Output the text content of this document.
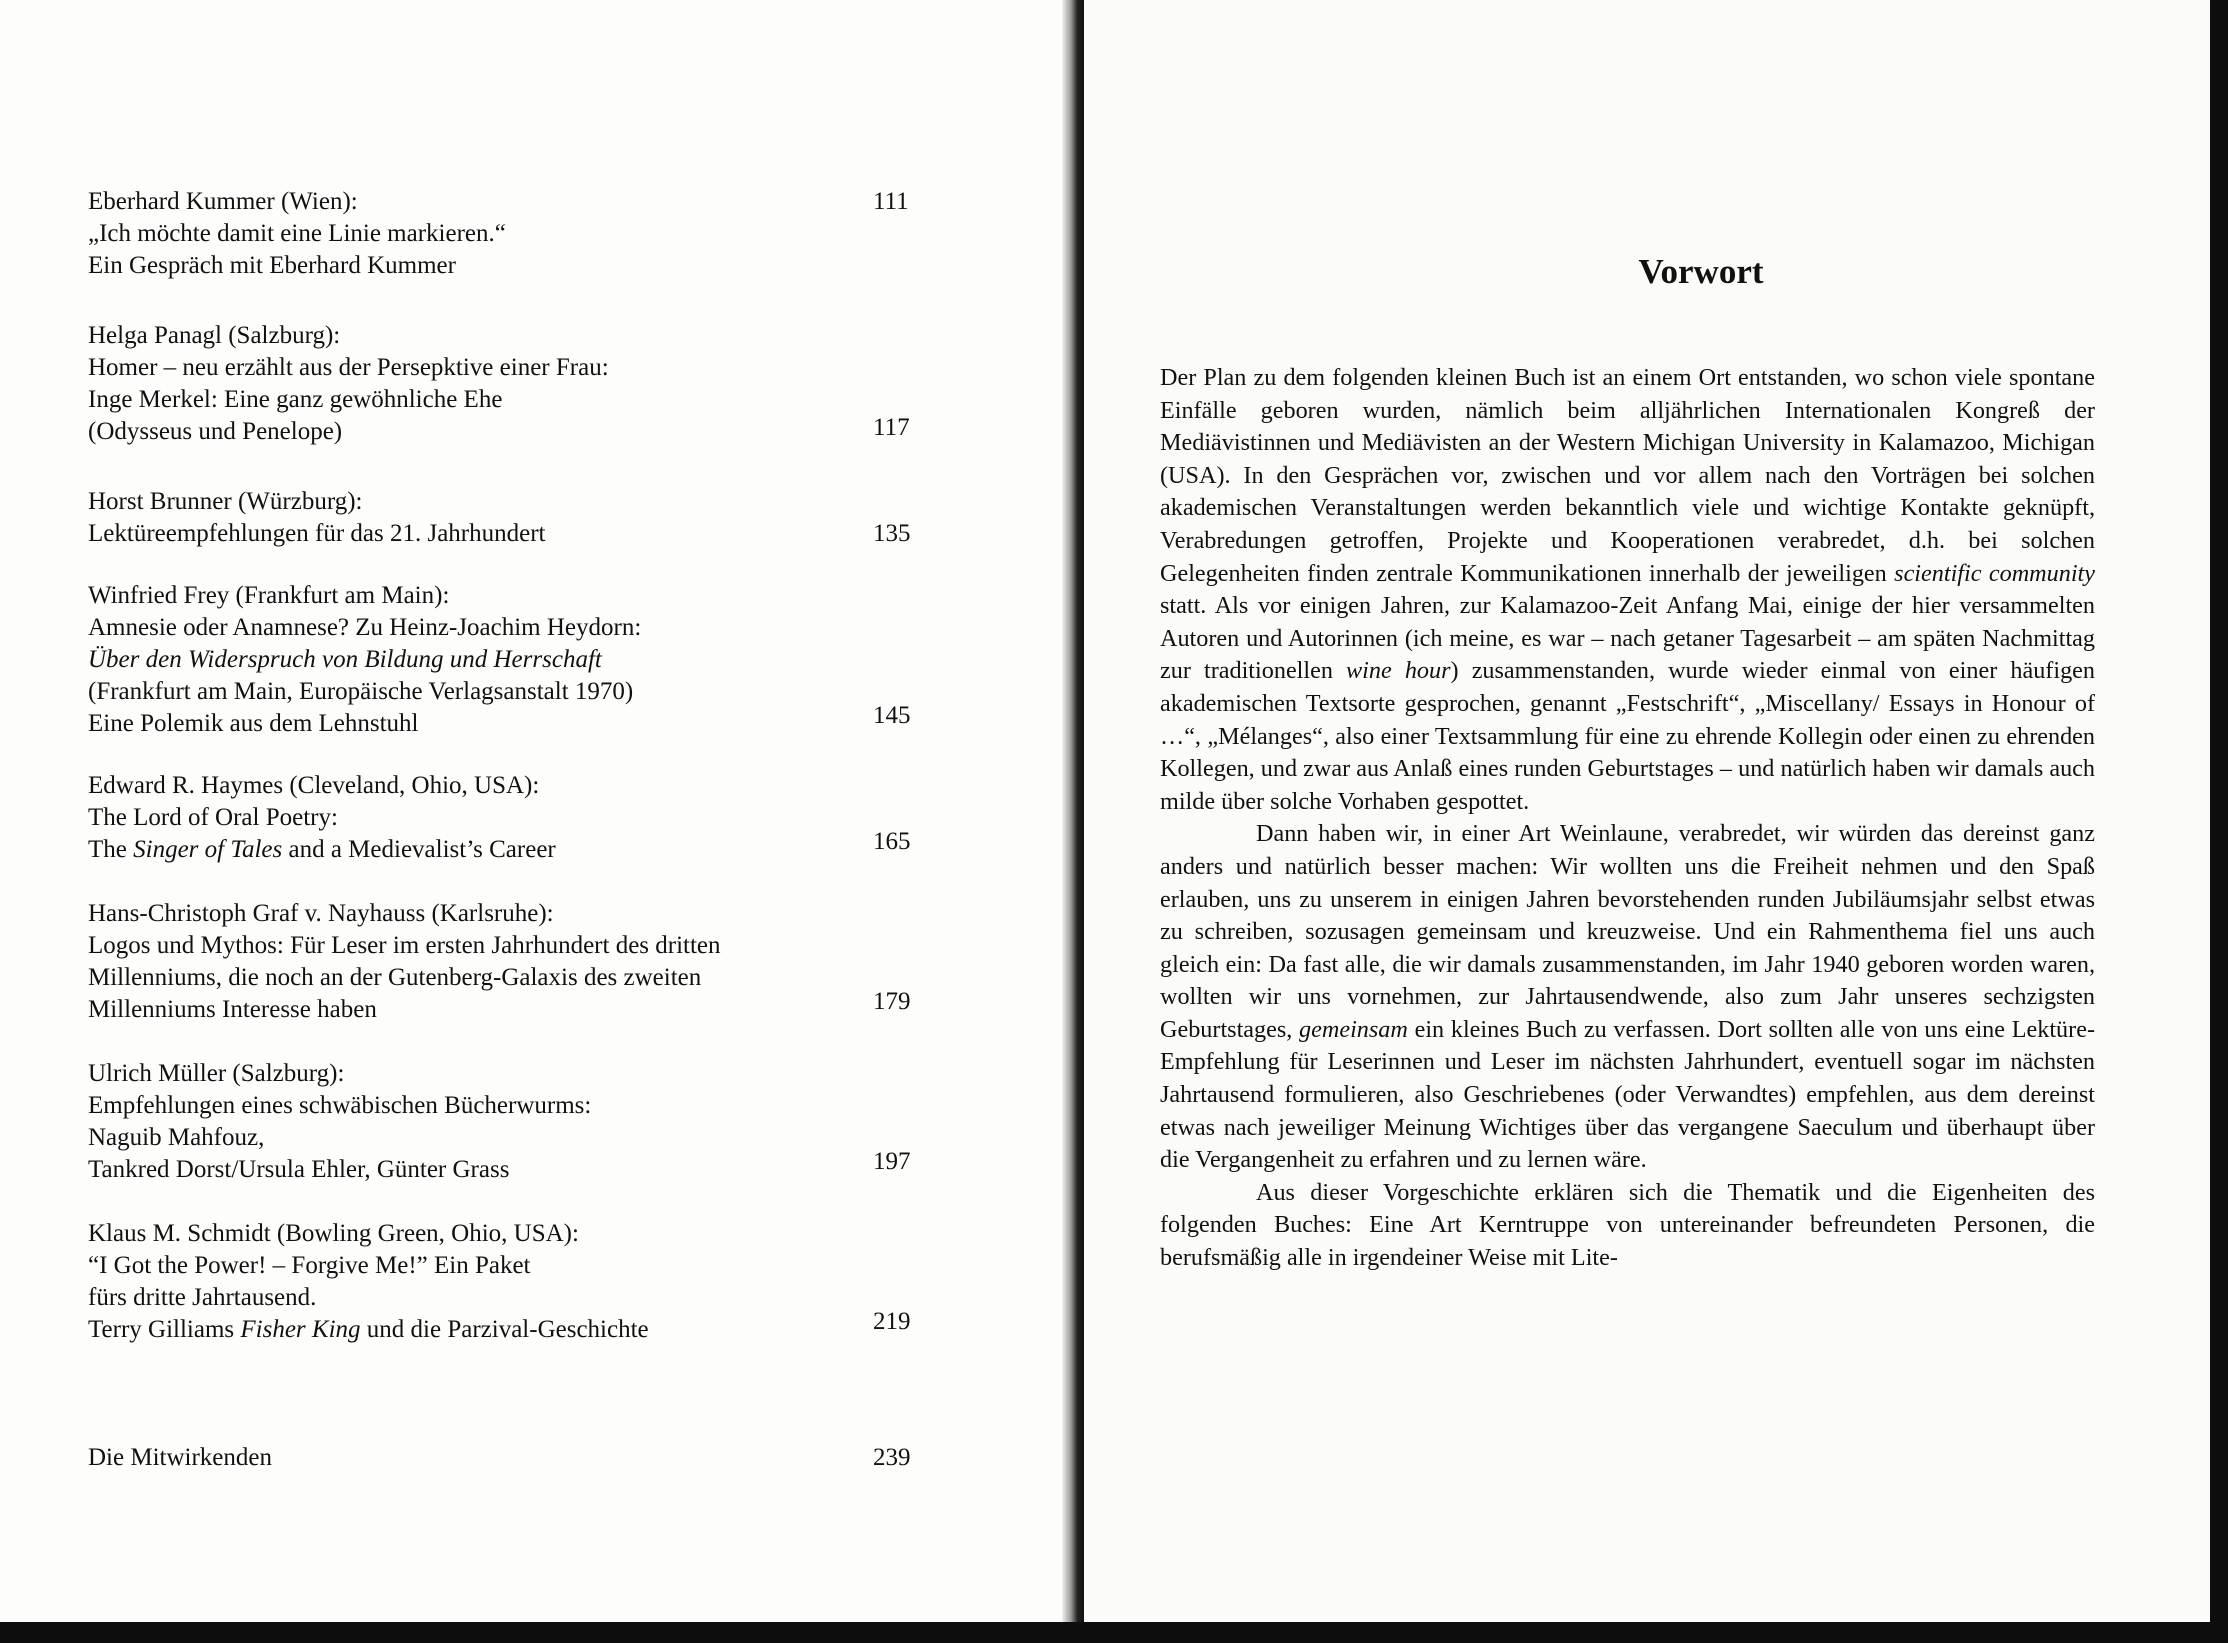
Eberhard Kummer (Wien):
„Ich möchte damit eine Linie markieren.“
Ein Gespräch mit Eberhard Kummer
111
Helga Panagl (Salzburg):
Homer – neu erzählt aus der Persepktive einer Frau:
Inge Merkel: Eine ganz gewöhnliche Ehe
(Odysseus und Penelope)	117
Horst Brunner (Würzburg):
Lektüreempfehlungen für das 21. Jahrhundert	135
Winfried Frey (Frankfurt am Main):
Amnesie oder Anamnese? Zu Heinz-Joachim Heydorn:
Über den Widerspruch von Bildung und Herrschaft
(Frankfurt am Main, Europäische Verlagsanstalt 1970)
Eine Polemik aus dem Lehnstuhl	145
Edward R. Haymes (Cleveland, Ohio, USA):
The Lord of Oral Poetry:
The Singer of Tales and a Medievalist’s Career	165
Hans-Christoph Graf v. Nayhauss (Karlsruhe):
Logos und Mythos: Für Leser im ersten Jahrhundert des dritten
Millenniums, die noch an der Gutenberg-Galaxis des zweiten
Millenniums Interesse haben	179
Ulrich Müller (Salzburg):
Empfehlungen eines schwäbischen Bücherwurms:
Naguib Mahfouz,
Tankred Dorst/Ursula Ehler, Günter Grass	197
Klaus M. Schmidt (Bowling Green, Ohio, USA):
“I Got the Power! – Forgive Me!” Ein Paket
fürs dritte Jahrtausend.
Terry Gilliams Fisher King und die Parzival-Geschichte	219
Die Mitwirkenden	239
Vorwort

Der Plan zu dem folgenden kleinen Buch ist an einem Ort entstanden, wo schon viele spontane Einfälle geboren wurden, nämlich beim alljährlichen Internationalen Kongreß der Mediävistinnen und Mediävisten an der Western Michigan University in Kalamazoo, Michigan (USA). In den Gesprächen vor, zwischen und vor allem nach den Vorträgen bei solchen akademischen Veranstaltungen werden bekanntlich viele und wichtige Kontakte geknüpft, Verabredungen getroffen, Projekte und Kooperationen verabredet, d.h. bei solchen Gelegenheiten finden zentrale Kommunikationen innerhalb der jeweiligen scientific community statt. Als vor einigen Jahren, zur Kalamazoo-Zeit Anfang Mai, einige der hier versammelten Autoren und Autorinnen (ich meine, es war – nach getaner Tagesarbeit – am späten Nachmittag zur traditionellen wine hour) zusammenstanden, wurde wieder einmal von einer häufigen akademischen Textsorte gesprochen, genannt „Festschrift“, „Miscellany/ Essays in Honour of …“, „Mélanges“, also einer Textsammlung für eine zu ehrende Kollegin oder einen zu ehrenden Kollegen, und zwar aus Anlaß eines runden Geburtstages – und natürlich haben wir damals auch milde über solche Vorhaben gespottet.

Dann haben wir, in einer Art Weinlaune, verabredet, wir würden das dereinst ganz anders und natürlich besser machen: Wir wollten uns die Freiheit nehmen und den Spaß erlauben, uns zu unserem in einigen Jahren bevorstehenden runden Jubiläumsjahr selbst etwas zu schreiben, sozusagen gemeinsam und kreuzweise. Und ein Rahmenthema fiel uns auch gleich ein: Da fast alle, die wir damals zusammenstanden, im Jahr 1940 geboren worden waren, wollten wir uns vornehmen, zur Jahrtausendwende, also zum Jahr unseres sechzigsten Geburtstages, gemeinsam ein kleines Buch zu verfassen. Dort sollten alle von uns eine Lektüre-Empfehlung für Leserinnen und Leser im nächsten Jahrhundert, eventuell sogar im nächsten Jahrtausend formulieren, also Geschriebenes (oder Verwandtes) empfehlen, aus dem dereinst etwas nach jeweiliger Meinung Wichtiges über das vergangene Saeculum und überhaupt über die Vergangenheit zu erfahren und zu lernen wäre.

Aus dieser Vorgeschichte erklären sich die Thematik und die Eigenheiten des folgenden Buches: Eine Art Kerntruppe von untereinander befreundeten Personen, die berufsmäßig alle in irgendeiner Weise mit Lite-
